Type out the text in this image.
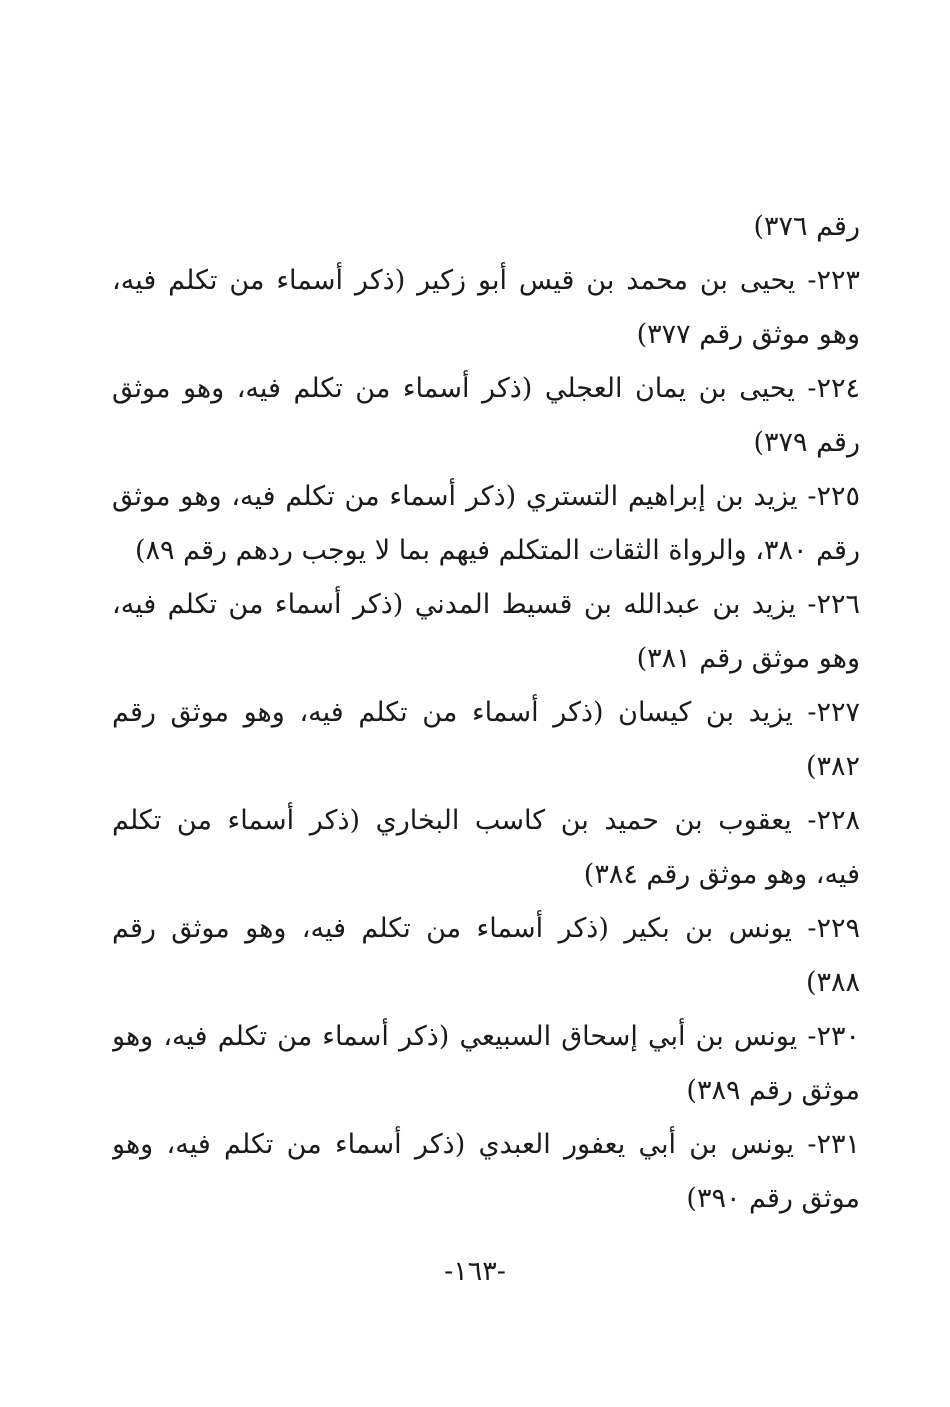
رقم ٣٧٦)
٢٢٣- يحيى بن محمد بن قيس أبو زكير (ذكر أسماء من تكلم فيه،
وهو موثق رقم ٣٧٧)
٢٢٤- يحيى بن يمان العجلي (ذكر أسماء من تكلم فيه، وهو موثق
رقم ٣٧٩)
٢٢٥- يزيد بن إبراهيم التستري (ذكر أسماء من تكلم فيه، وهو موثق
رقم ٣٨٠، والرواة الثقات المتكلم فيهم بما لا يوجب ردهم رقم ٨٩)
٢٢٦- يزيد بن عبدالله بن قسيط المدني (ذكر أسماء من تكلم فيه،
وهو موثق رقم ٣٨١)
٢٢٧- يزيد بن كيسان (ذكر أسماء من تكلم فيه، وهو موثق رقم
٣٨٢)
٢٢٨- يعقوب بن حميد بن كاسب البخاري (ذكر أسماء من تكلم
فيه، وهو موثق رقم ٣٨٤)
٢٢٩- يونس بن بكير (ذكر أسماء من تكلم فيه، وهو موثق رقم
٣٨٨)
٢٣٠- يونس بن أبي إسحاق السبيعي (ذكر أسماء من تكلم فيه، وهو
موثق رقم ٣٨٩)
٢٣١- يونس بن أبي يعفور العبدي (ذكر أسماء من تكلم فيه، وهو
موثق رقم ٣٩٠)
-١٦٣-
